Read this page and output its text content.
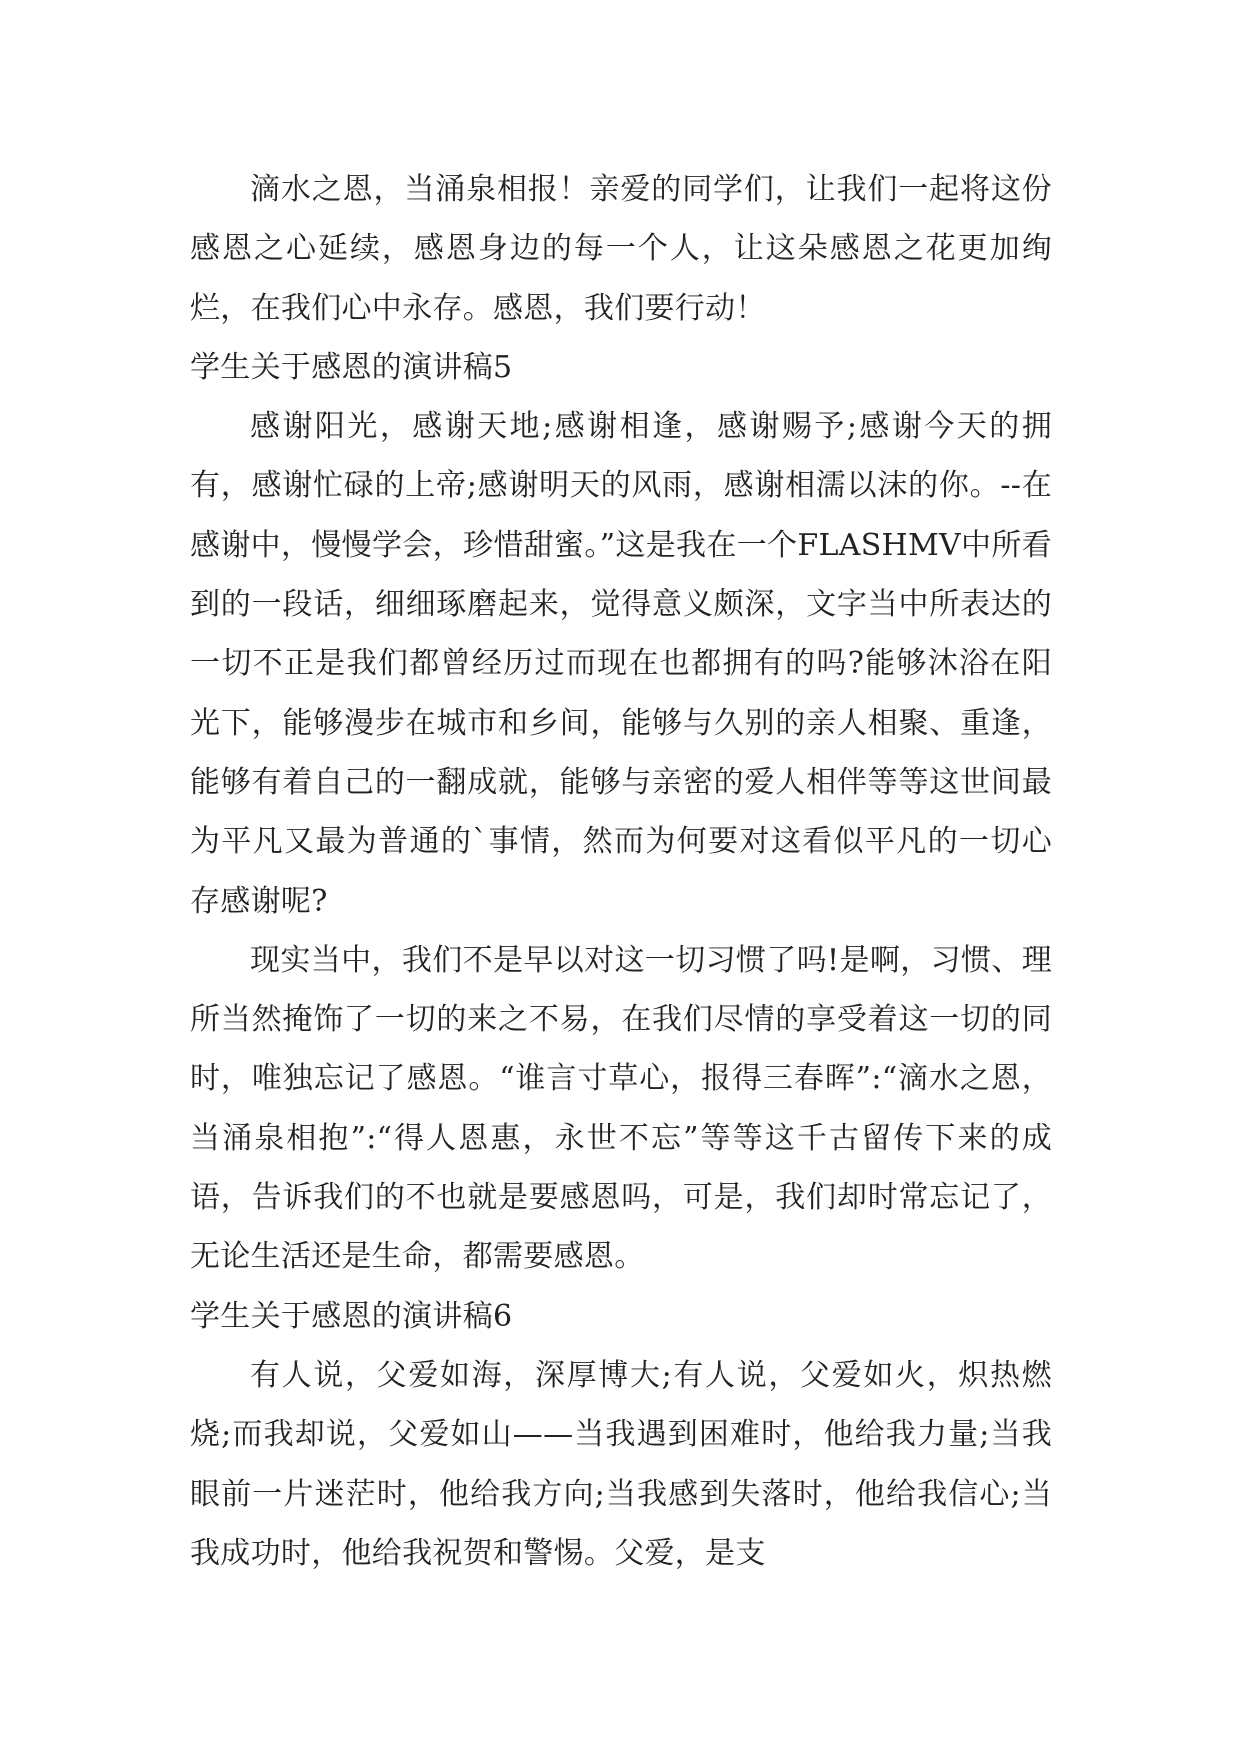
滴水之恩，当涌泉相报！亲爱的同学们，让我们一起将这份感恩之心延续，感恩身边的每一个人，让这朵感恩之花更加绚烂，在我们心中永存。感恩，我们要行动！

学生关于感恩的演讲稿5

感谢阳光，感谢天地;感谢相逢，感谢赐予;感谢今天的拥有，感谢忙碌的上帝;感谢明天的风雨，感谢相濡以沫的你。--在感谢中，慢慢学会，珍惜甜蜜。”这是我在一个FLASHMV中所看到的一段话，细细琢磨起来，觉得意义颇深，文字当中所表达的一切不正是我们都曾经历过而现在也都拥有的吗?能够沐浴在阳光下，能够漫步在城市和乡间，能够与久别的亲人相聚、重逢，能够有着自己的一翻成就，能够与亲密的爱人相伴等等这世间最为平凡又最为普通的`事情，然而为何要对这看似平凡的一切心存感谢呢?

现实当中，我们不是早以对这一切习惯了吗!是啊，习惯、理所当然掩饰了一切的来之不易，在我们尽情的享受着这一切的同时，唯独忘记了感恩。“谁言寸草心，报得三春晖”:“滴水之恩，当涌泉相抱”:“得人恩惠，永世不忘”等等这千古留传下来的成语，告诉我们的不也就是要感恩吗，可是，我们却时常忘记了，无论生活还是生命，都需要感恩。

学生关于感恩的演讲稿6

有人说，父爱如海，深厚博大;有人说，父爱如火，炽热燃烧;而我却说，父爱如山——当我遇到困难时，他给我力量;当我眼前一片迷茫时，他给我方向;当我感到失落时，他给我信心;当我成功时，他给我祝贺和警惕。父爱，是支
